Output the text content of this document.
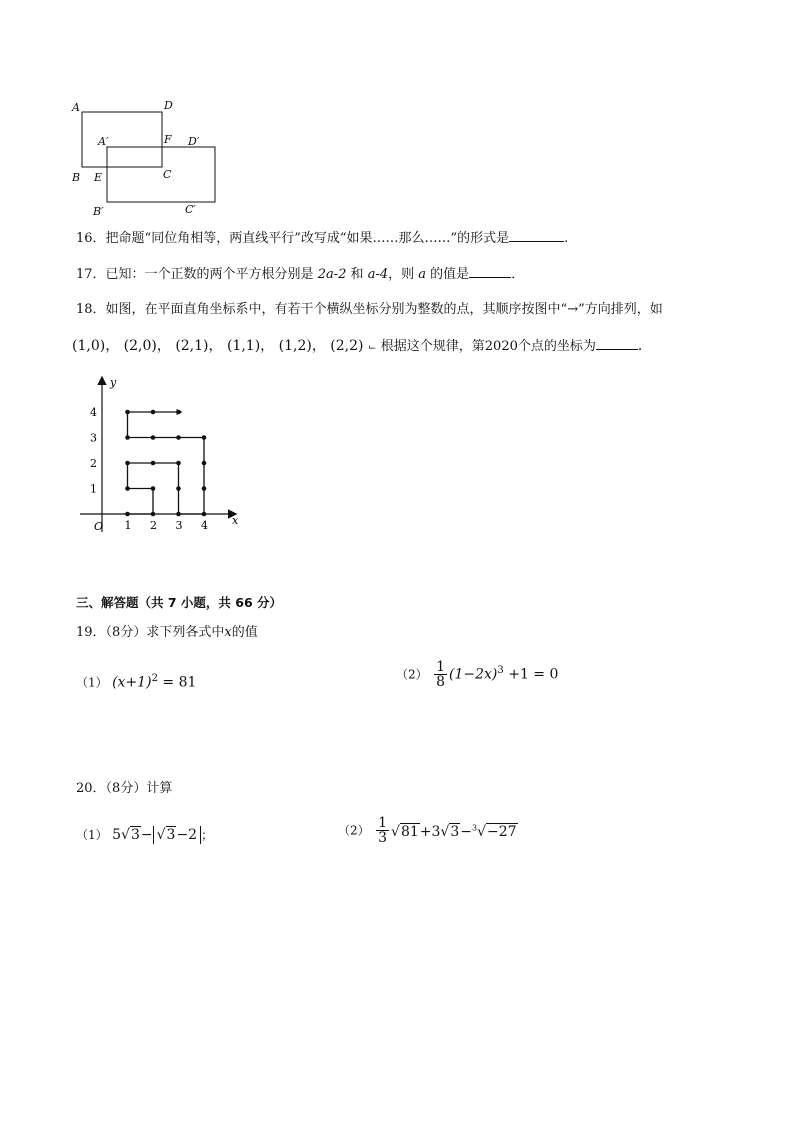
A	D
A′	F D′
B E	C
B′	C′
16．把命题“同位角相等，两直线平行”改写成“如果……那么……”的形式是	.
17．已知：一个正数的两个平方根分别是 2a-2 和 a-4，则 a 的值是	．
18．如图，在平面直角坐标系中，有若干个横纵坐标分别为整数的点，其顺序按图中“→”方向排列，如
(1,0)， (2,0)， (2,1)， (1,1)， (1,2)， (2,2) ⌙ 根据这个规律，第2020个点的坐标为	．
x
y
O 1 2 3 4
1
2
3
4
三、解答题（共 7 小题，共 66 分）
19．（8分）求下列各式中x的值
（1） $(x+1)^2 = 81$
$(2) \frac{1}{8} (1-2x)^3 +1 = 0$
20．（8分）计算
（1） 5√3− √3−2 ；	$(2) \frac{1}{3} √81+3√3-^3√-27$
